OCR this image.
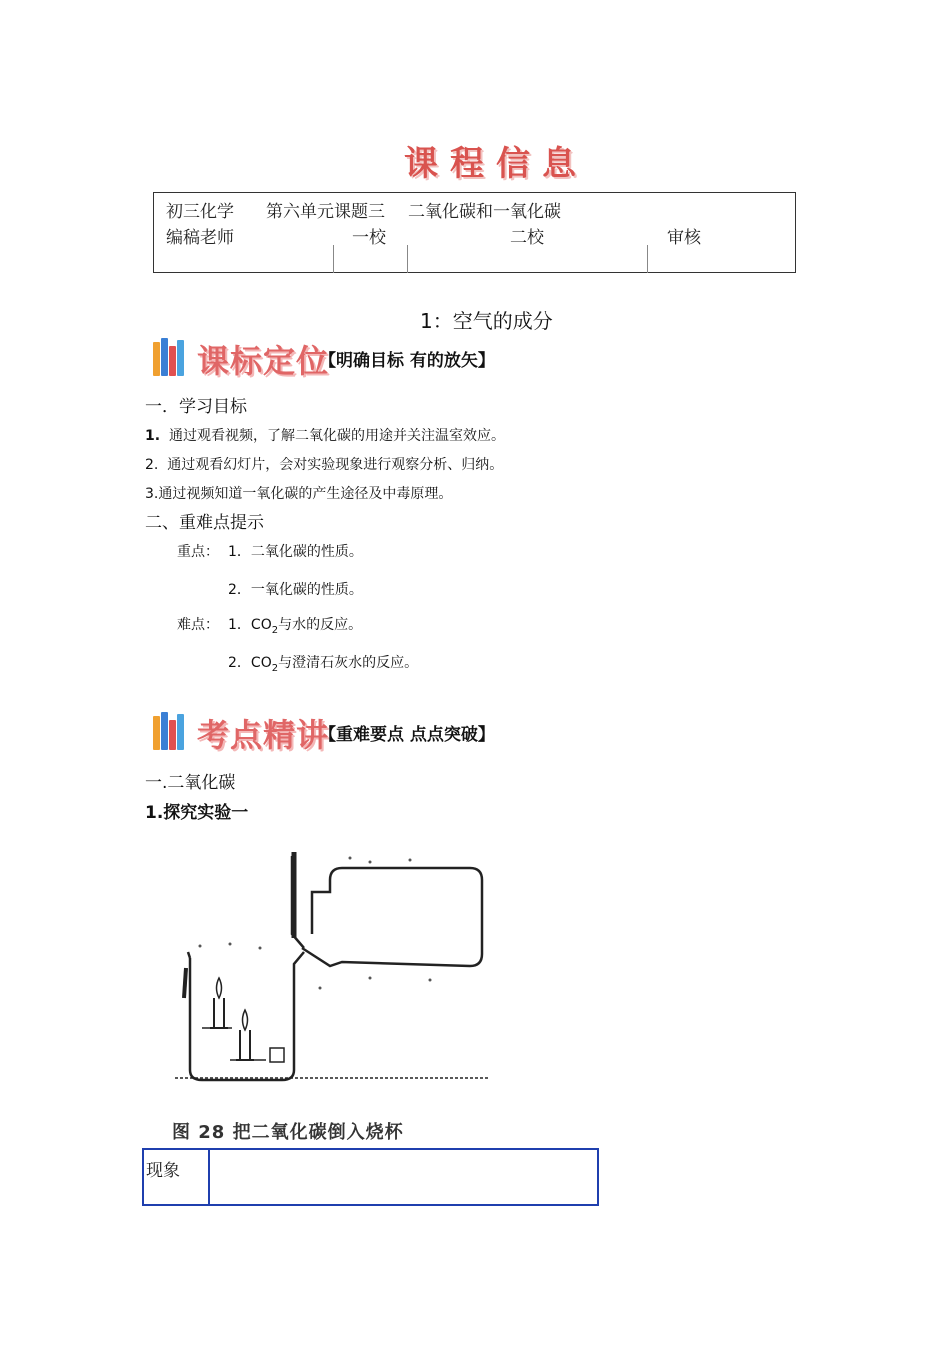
课程信息
初三化学 第六单元课题三 二氧化碳和一氧化碳
编稿老师	一校	二校	审核
1：空气的成分
课标定位
【明确目标 有的放矢】
一．学习目标
1. 通过观看视频，了解二氧化碳的用途并关注温室效应。
2. 通过观看幻灯片，会对实验现象进行观察分析、归纳。
3.通过视频知道一氧化碳的产生途径及中毒原理。
二、重难点提示
重点： 1．二氧化碳的性质。
2．一氧化碳的性质。
难点： 1．$CO_2$与水的反应。
2．$CO_2$与澄清石灰水的反应。
考点精讲
【重难要点 点点突破】
一.二氧化碳
1.探究实验一
图 28 把二氧化碳倒入烧杯
现象
